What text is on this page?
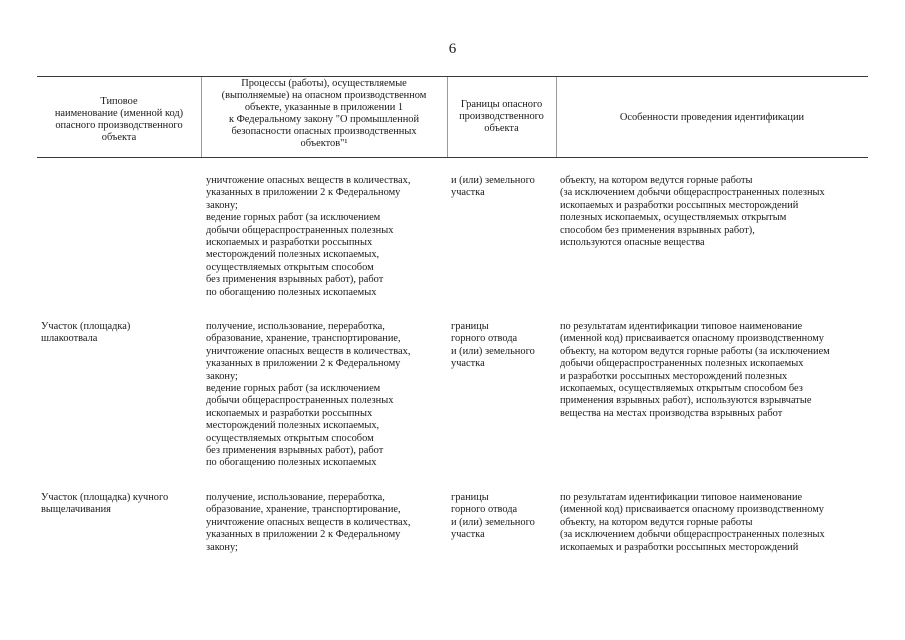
6
Типовое
наименование (именной код)
опасного производственного
объекта
Процессы (работы), осуществляемые
(выполняемые) на опасном производственном
объекте, указанные в приложении 1
к Федеральному закону "О промышленной
безопасности опасных производственных
объектов"¹
Границы опасного
производственного
объекта
Особенности проведения идентификации
уничтожение опасных веществ в количествах,
указанных в приложении 2 к Федеральному
закону;
ведение горных работ (за исключением
добычи общераспространенных полезных
ископаемых и разработки россыпных
месторождений полезных ископаемых,
осуществляемых открытым способом
без применения взрывных работ), работ
по обогащению полезных ископаемых
и (или) земельного
участка
объекту, на котором ведутся горные работы
(за исключением добычи общераспространенных полезных
ископаемых и разработки россыпных месторождений
полезных ископаемых, осуществляемых открытым
способом без применения взрывных работ),
используются опасные вещества
Участок (площадка)
шлакоотвала
получение, использование, переработка,
образование, хранение, транспортирование,
уничтожение опасных веществ в количествах,
указанных в приложении 2 к Федеральному
закону;
ведение горных работ (за исключением
добычи общераспространенных полезных
ископаемых и разработки россыпных
месторождений полезных ископаемых,
осуществляемых открытым способом
без применения взрывных работ), работ
по обогащению полезных ископаемых
границы
горного отвода
и (или) земельного
участка
по результатам идентификации типовое наименование
(именной код) присваивается опасному производственному
объекту, на котором ведутся горные работы (за исключением
добычи общераспространенных полезных ископаемых
и разработки россыпных месторождений полезных
ископаемых, осуществляемых открытым способом без
применения взрывных работ), используются взрывчатые
вещества на местах производства взрывных работ
Участок (площадка) кучного
выщелачивания
получение, использование, переработка,
образование, хранение, транспортирование,
уничтожение опасных веществ в количествах,
указанных в приложении 2 к Федеральному
закону;
границы
горного отвода
и (или) земельного
участка
по результатам идентификации типовое наименование
(именной код) присваивается опасному производственному
объекту, на котором ведутся горные работы
(за исключением добычи общераспространенных полезных
ископаемых и разработки россыпных месторождений
